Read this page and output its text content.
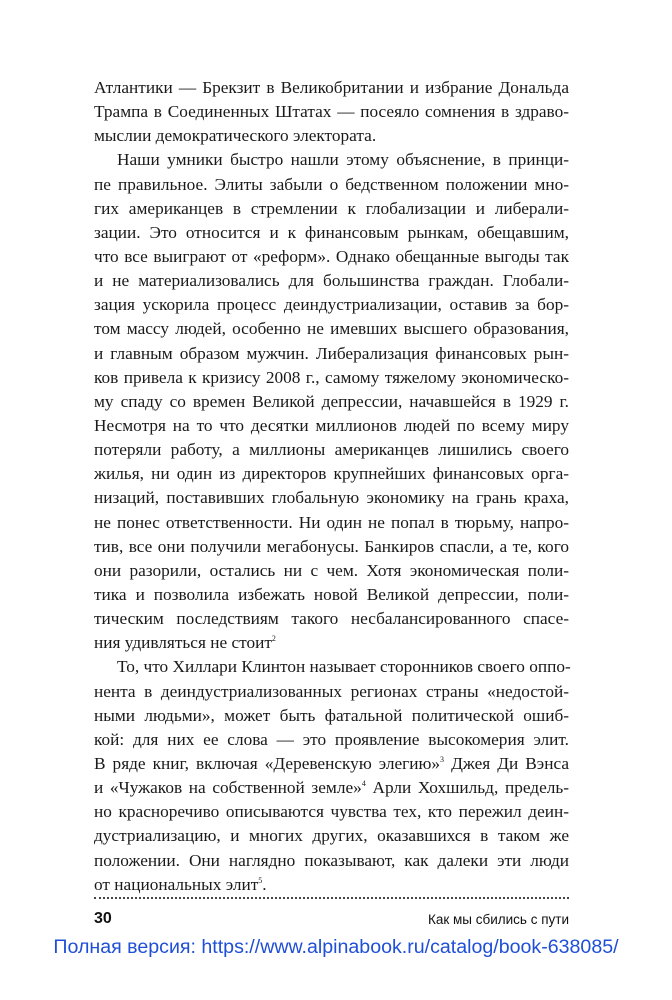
Атлантики — Брекзит в Великобритании и избрание Дональда
Трампа в Соединенных Штатах — посеяло сомнения в здраво-
мыслии демократического электората.
Наши умники быстро нашли этому объяснение, в принци-
пе правильное. Элиты забыли о бедственном положении мно-
гих американцев в стремлении к глобализации и либерали-
зации. Это относится и к финансовым рынкам, обещавшим,
что все выиграют от «реформ». Однако обещанные выгоды так
и не материализовались для большинства граждан. Глобали-
зация ускорила процесс деиндустриализации, оставив за бор-
том массу людей, особенно не имевших высшего образования,
и главным образом мужчин. Либерализация финансовых рын-
ков привела к кризису 2008 г., самому тяжелому экономическо-
му спаду со времен Великой депрессии, начавшейся в 1929 г.
Несмотря на то что десятки миллионов людей по всему миру
потеряли работу, а миллионы американцев лишились своего
жилья, ни один из директоров крупнейших финансовых орга-
низаций, поставивших глобальную экономику на грань краха,
не понес ответственности. Ни один не попал в тюрьму, напро-
тив, все они получили мегабонусы. Банкиров спасли, а те, кого
они разорили, остались ни с чем. Хотя экономическая поли-
тика и позволила избежать новой Великой депрессии, поли-
тическим последствиям такого несбалансированного спасе-
ния удивляться не стоит$^2$
То, что Хиллари Клинтон называет сторонников своего оппо-
нента в деиндустриализованных регионах страны «недостой-
ными людьми», может быть фатальной политической ошиб-
кой: для них ее слова — это проявление высокомерия элит.
В ряде книг, включая «Деревенскую элегию»$^3$ Джея Ди Вэнса
и «Чужаков на собственной земле»$^4$ Арли Хохшильд, предель-
но красноречиво описываются чувства тех, кто пережил деин-
дустриализацию, и многих других, оказавшихся в таком же
положении. Они наглядно показывают, как далеки эти люди
от национальных элит$^5$.
30	Как мы сбились с пути
Полная версия: https://www.alpinabook.ru/catalog/book-638085/
